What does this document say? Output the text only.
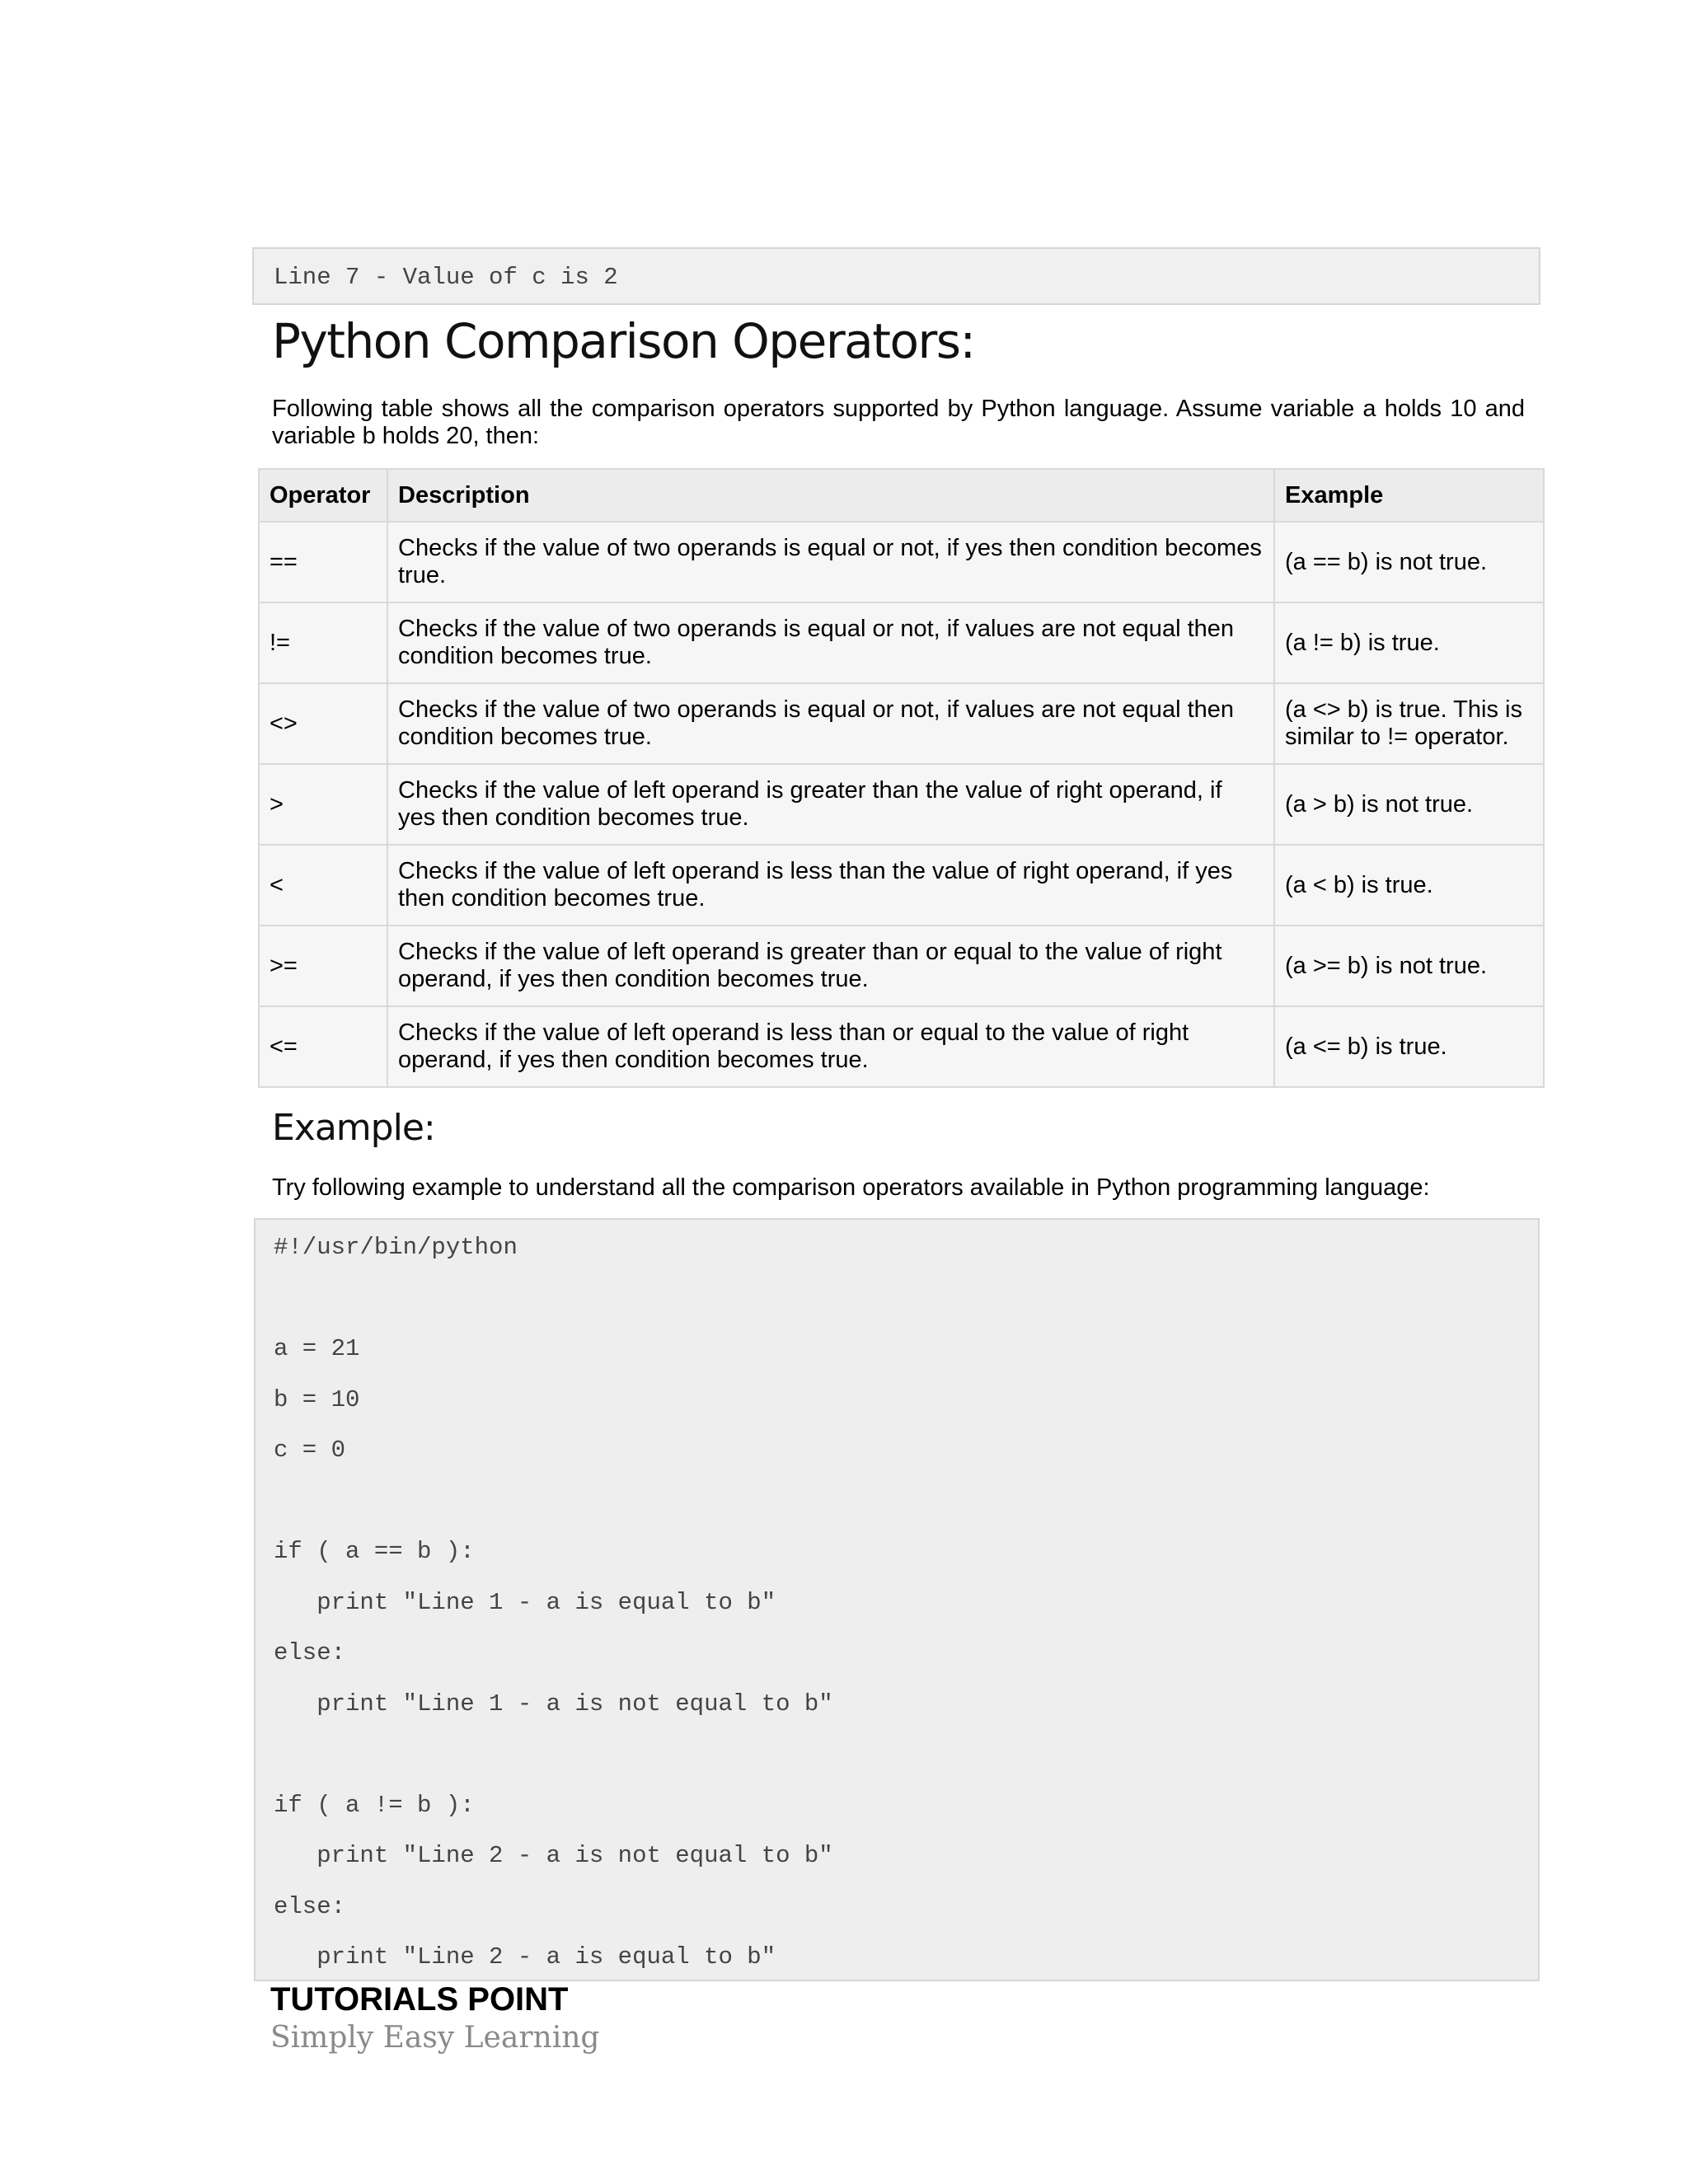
Line 7 - Value of c is 2
Python Comparison Operators:
Following table shows all the comparison operators supported by Python language. Assume variable a holds 10 and variable b holds 20, then:
Operator	Description	Example
==	Checks if the value of two operands is equal or not, if yes then condition becomes true.	(a == b) is not true.
!=	Checks if the value of two operands is equal or not, if values are not equal then condition becomes true.	(a != b) is true.
<>	Checks if the value of two operands is equal or not, if values are not equal then condition becomes true.	(a <> b) is true. This is similar to != operator.
>	Checks if the value of left operand is greater than the value of right operand, if yes then condition becomes true.	(a > b) is not true.
<	Checks if the value of left operand is less than the value of right operand, if yes then condition becomes true.	(a < b) is true.
>=	Checks if the value of left operand is greater than or equal to the value of right operand, if yes then condition becomes true.	(a >= b) is not true.
<=	Checks if the value of left operand is less than or equal to the value of right operand, if yes then condition becomes true.	(a <= b) is true.
Example:
Try following example to understand all the comparison operators available in Python programming language:
#!/usr/bin/python
a = 21
b = 10
c = 0
if ( a == b ):
print "Line 1 - a is equal to b"
else:
print "Line 1 - a is not equal to b"
if ( a != b ):
print "Line 2 - a is not equal to b"
else:
print "Line 2 - a is equal to b"
TUTORIALS POINT
Simply Easy Learning
